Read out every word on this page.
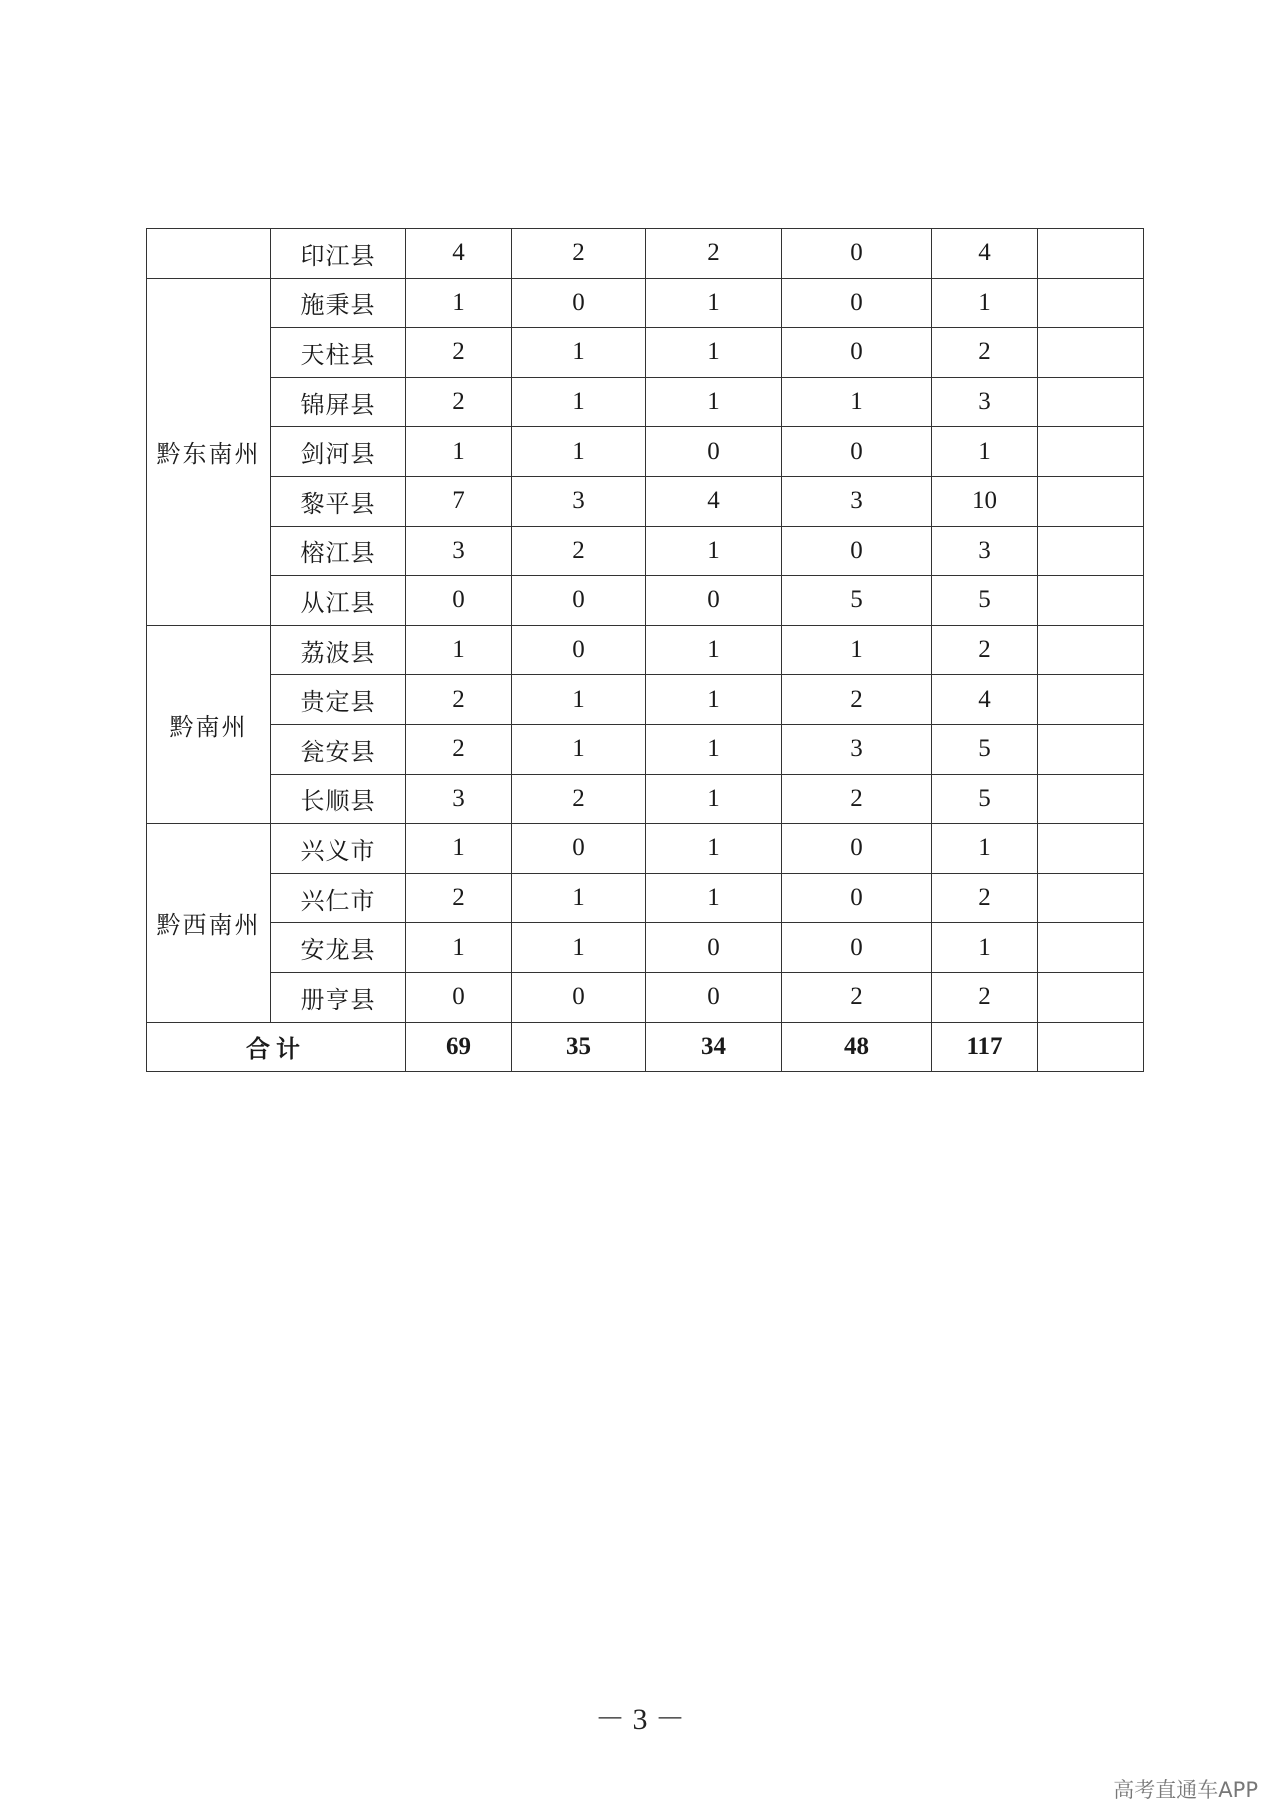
	印江县	4	2	2	0	4	
黔东南州	施秉县	1	0	1	0	1	
	天柱县	2	1	1	0	2	
	锦屏县	2	1	1	1	3	
	剑河县	1	1	0	0	1	
	黎平县	7	3	4	3	10	
	榕江县	3	2	1	0	3	
	从江县	0	0	0	5	5	
黔南州	荔波县	1	0	1	1	2	
	贵定县	2	1	1	2	4	
	瓮安县	2	1	1	3	5	
	长顺县	3	2	1	2	5	
黔西南州	兴义市	1	0	1	0	1	
	兴仁市	2	1	1	0	2	
	安龙县	1	1	0	0	1	
	册亨县	0	0	0	2	2	
合计		69	35	34	48	117	
－ 3 －
高考直通车APP
